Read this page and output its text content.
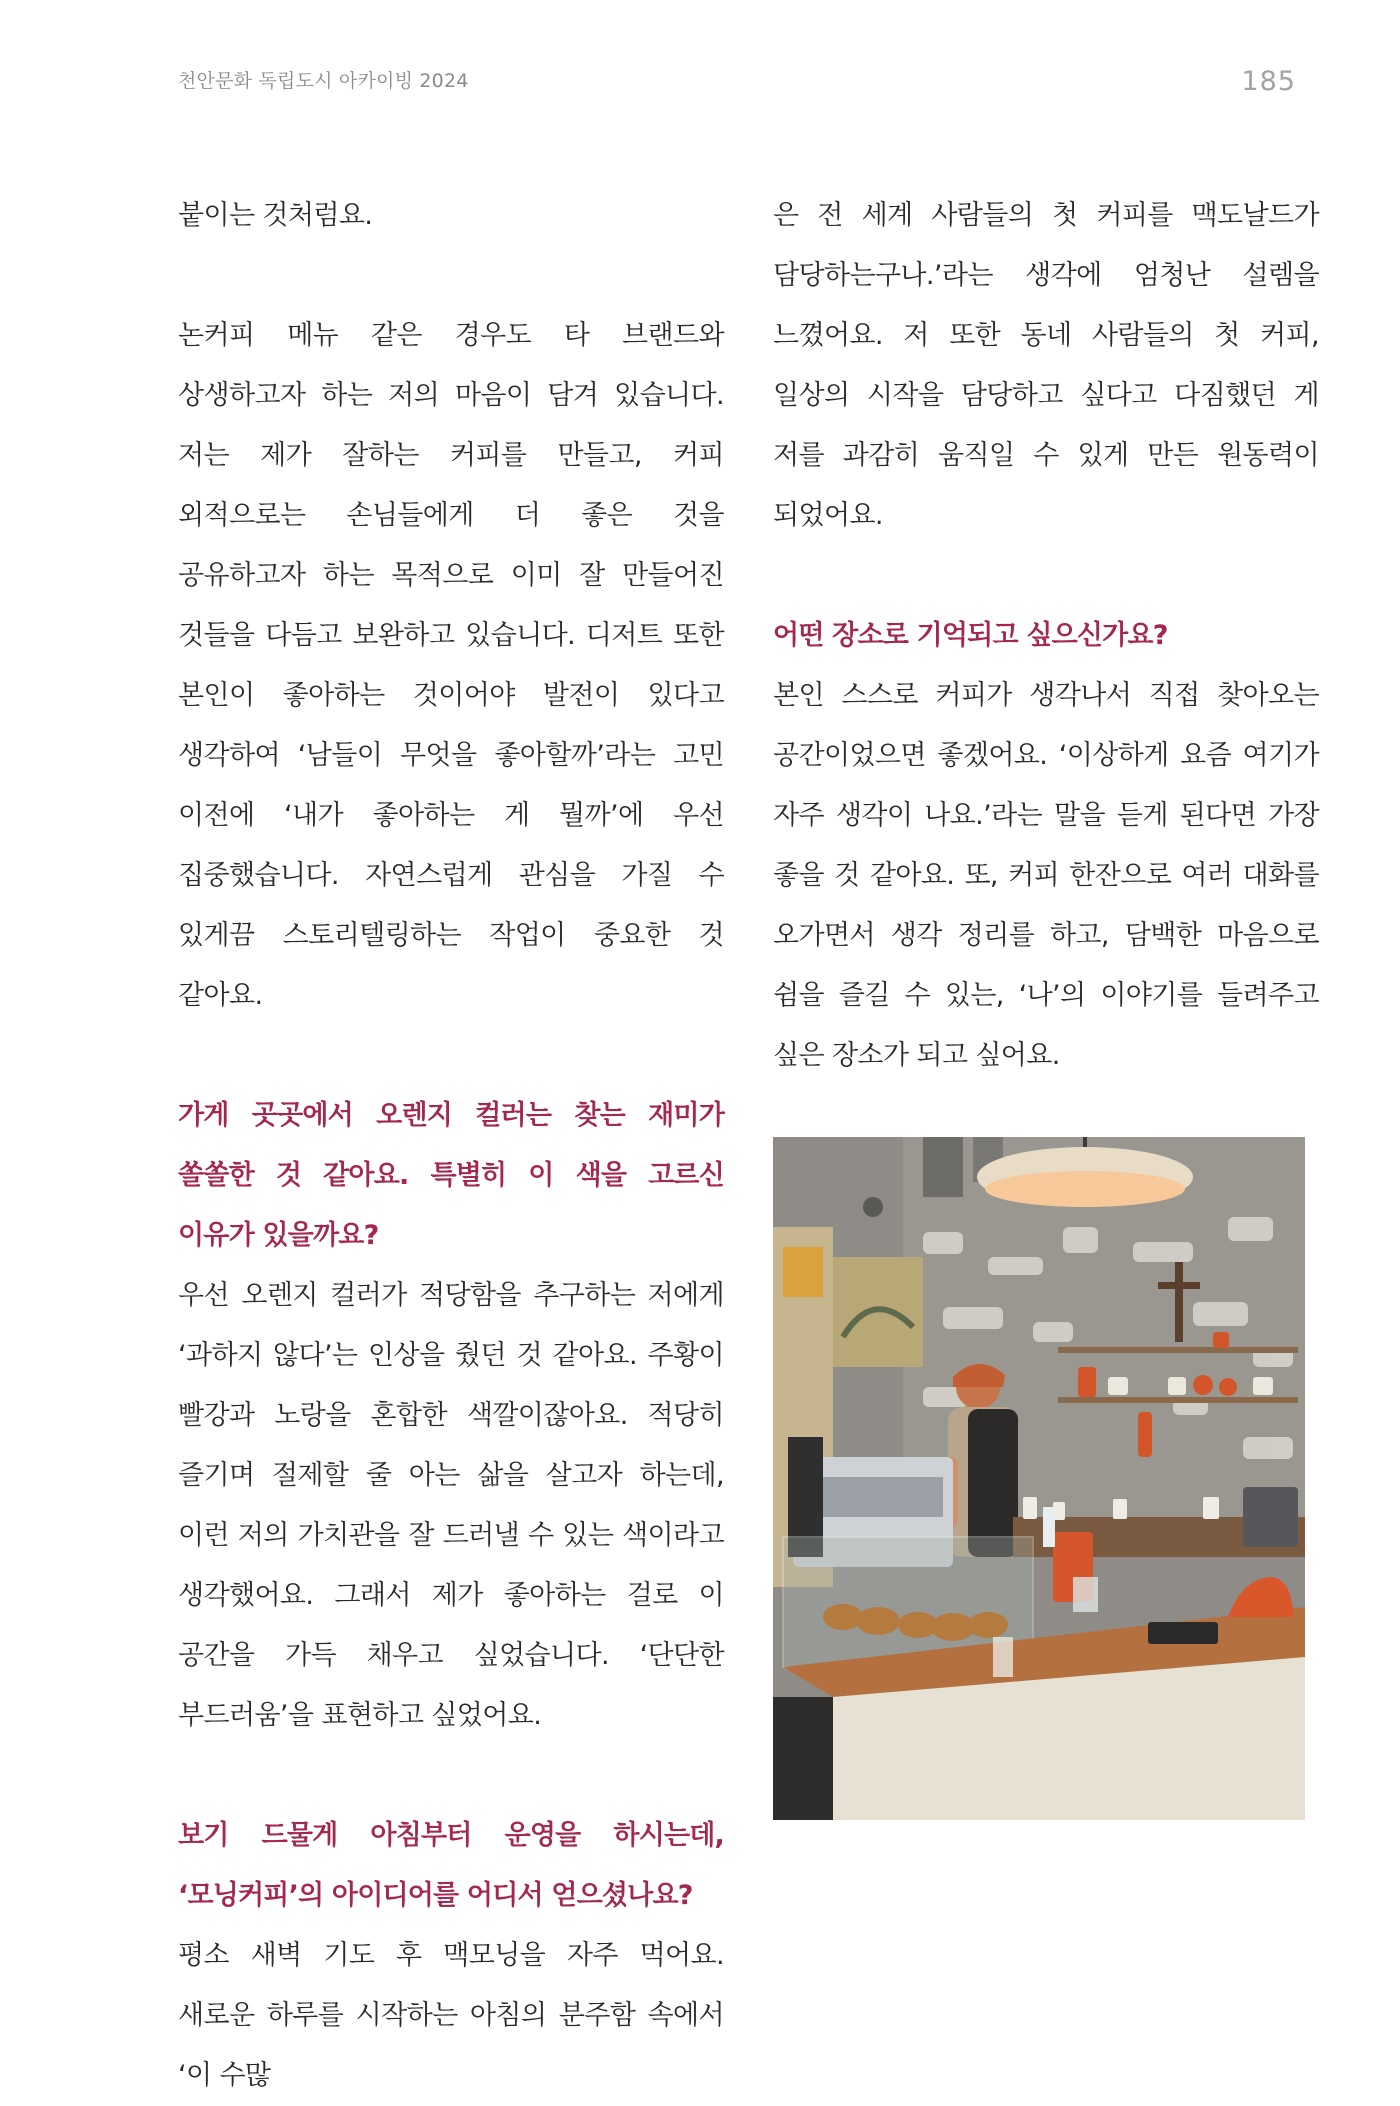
천안문화 독립도시 아카이빙 2024	185

붙이는 것처럼요.

논커피 메뉴 같은 경우도 타 브랜드와 상생하고자 하는 저의 마음이 담겨 있습니다. 저는 제가 잘하는 커피를 만들고, 커피 외적으로는 손님들에게 더 좋은 것을 공유하고자 하는 목적으로 이미 잘 만들어진 것들을 다듬고 보완하고 있습니다. 디저트 또한 본인이 좋아하는 것이어야 발전이 있다고 생각하여 ‘남들이 무엇을 좋아할까’라는 고민 이전에 ‘내가 좋아하는 게 뭘까’에 우선 집중했습니다. 자연스럽게 관심을 가질 수 있게끔 스토리텔링하는 작업이 중요한 것 같아요.

가게 곳곳에서 오렌지 컬러는 찾는 재미가 쏠쏠한 것 같아요. 특별히 이 색을 고르신 이유가 있을까요?

우선 오렌지 컬러가 적당함을 추구하는 저에게 ‘과하지 않다’는 인상을 줬던 것 같아요. 주황이 빨강과 노랑을 혼합한 색깔이잖아요. 적당히 즐기며 절제할 줄 아는 삶을 살고자 하는데, 이런 저의 가치관을 잘 드러낼 수 있는 색이라고 생각했어요. 그래서 제가 좋아하는 걸로 이 공간을 가득 채우고 싶었습니다. ‘단단한 부드러움’을 표현하고 싶었어요.

보기 드물게 아침부터 운영을 하시는데, ‘모닝커피’의 아이디어를 어디서 얻으셨나요?

평소 새벽 기도 후 맥모닝을 자주 먹어요. 새로운 하루를 시작하는 아침의 분주함 속에서 ‘이 수많

은 전 세계 사람들의 첫 커피를 맥도날드가 담당하는구나.’라는 생각에 엄청난 설렘을 느꼈어요. 저 또한 동네 사람들의 첫 커피, 일상의 시작을 담당하고 싶다고 다짐했던 게 저를 과감히 움직일 수 있게 만든 원동력이 되었어요.

어떤 장소로 기억되고 싶으신가요?

본인 스스로 커피가 생각나서 직접 찾아오는 공간이었으면 좋겠어요. ‘이상하게 요즘 여기가 자주 생각이 나요.’라는 말을 듣게 된다면 가장 좋을 것 같아요. 또, 커피 한잔으로 여러 대화를 오가면서 생각 정리를 하고, 담백한 마음으로 쉼을 즐길 수 있는, ‘나’의 이야기를 들려주고 싶은 장소가 되고 싶어요.
